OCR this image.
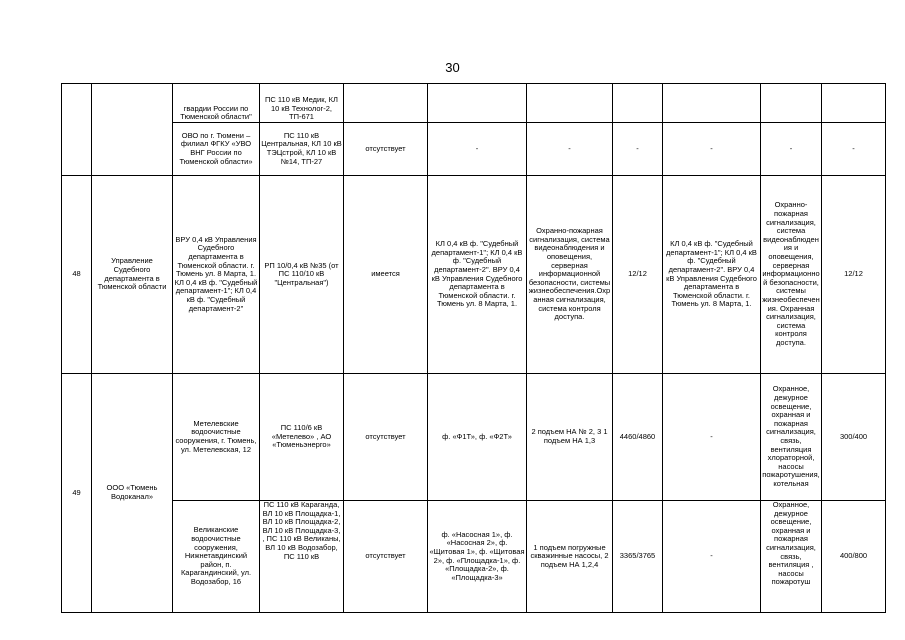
30
		гвардии России по Тюменской области"	ПС 110 кВ Медик, КЛ 10 кВ Технолог-2, ТП-671							
		ОВО по г. Тюмени – филиал ФГКУ «УВО ВНГ России по Тюменской области»	ПС 110 кВ Центральная, КЛ 10 кВ ТЭЦстрой, КЛ 10 кВ №14, ТП-27	отсутствует	-	-	-	-	-	-
48	Управление Судебного департамента в Тюменской области	ВРУ 0,4 кВ Управления Судебного департамента в Тюменской области. г. Тюмень ул. 8 Марта, 1. КЛ 0,4 кВ ф. "Судебный департамент-1"; КЛ 0,4 кВ ф. "Судебный департамент-2"	РП 10/0,4 кВ №35 (от ПС 110/10 кВ "Центральная")	имеется	КЛ 0,4 кВ ф. "Судебный департамент-1"; КЛ 0,4 кВ ф. "Судебный департамент-2". ВРУ 0,4 кВ Управления Судебного департамента в Тюменской области. г. Тюмень ул. 8 Марта, 1.	Охранно-пожарная сигнализация, система видеонаблюдения и оповещения, серверная информационной безопасности, системы жизнеобеспечения.Охранная сигнализация, система контроля доступа.	12/12	КЛ 0,4 кВ ф. "Судебный департамент-1"; КЛ 0,4 кВ ф. "Судебный департамент-2". ВРУ 0,4 кВ Управления Судебного департамента в Тюменской области. г. Тюмень ул. 8 Марта, 1.	Охранно-пожарная сигнализация, система видеонаблюдения и оповещения, серверная информационной безопасности, системы жизнеобеспечения. Охранная сигнализация, система контроля доступа.	12/12
49	ООО «Тюмень Водоканал»	Метелевские водоочистные сооружения, г. Тюмень, ул. Метелевская, 12	ПС 110/6 кВ «Метелево» , АО «Тюменьэнерго»	отсутствует	ф. «Ф1Т», ф. «Ф2Т»	2 подъем НА № 2, 3 1 подъем НА 1,3	4460/4860	-	Охранное, дежурное освещение, охранная и пожарная сигнализация, связь, вентиляция хлораторной, насосы пожаротушения, котельная	300/400
		Великанские водоочистные сооружения, Нижнетавдинский район, п. Карагандинский, ул. Водозабор, 16	ПС 110 кВ Караганда, ВЛ 10 кВ Площадка-1, ВЛ 10 кВ Площадка-2, ВЛ 10 кВ Площадка-3, , ПС 110 кВ Великаны, ВЛ 10 кВ Водозабор, ПС 110 кВ	отсутствует	ф. «Насосная 1», ф. «Насосная 2», ф. «Щитовая 1», ф. «Щитовая 2», ф. «Площадка-1», ф. «Площадка-2», ф. «Площадка-3»	1 подъем погружные скважинные насосы, 2 подъем НА 1,2,4	3365/3765	-	Охранное, дежурное освещение, охранная и пожарная сигнализация, связь, вентиляция , насосы пожаротуш	400/800
